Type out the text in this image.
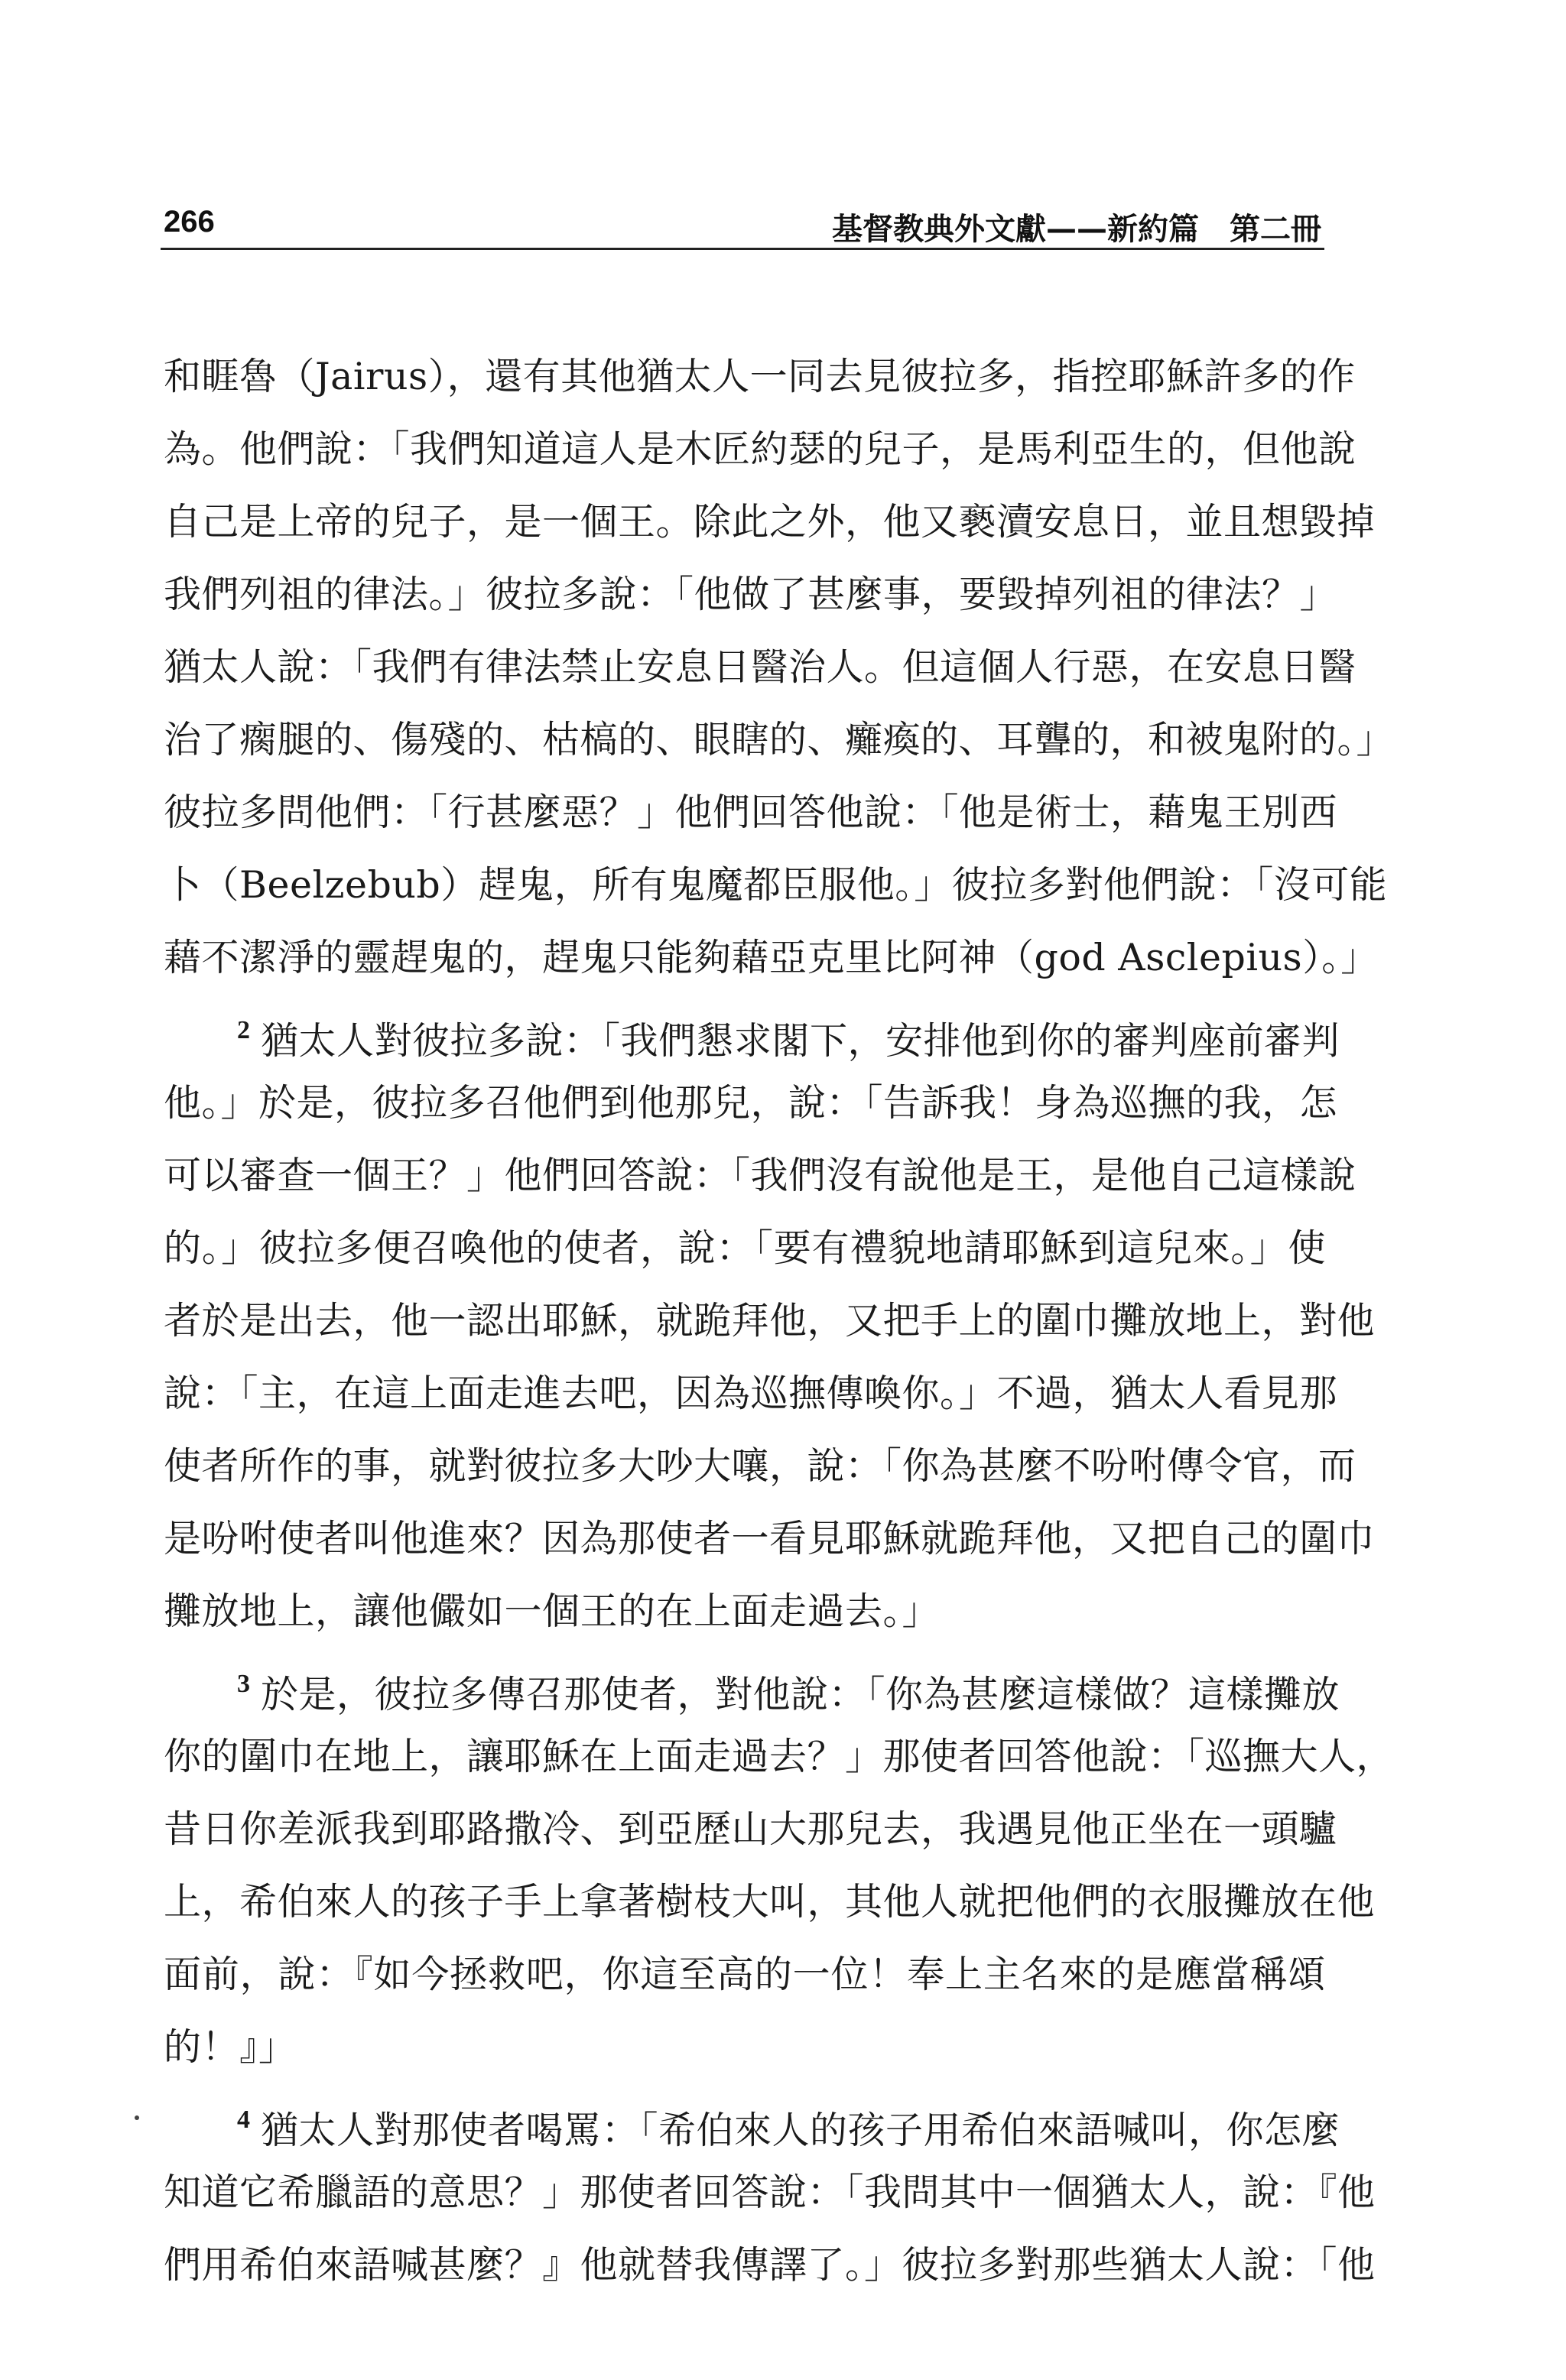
266	基督教典外文獻——新約篇　第二冊
和睚魯（Jairus），還有其他猶太人一同去見彼拉多，指控耶穌許多的作
為。他們說：「我們知道這人是木匠約瑟的兒子，是馬利亞生的，但他說
自己是上帝的兒子，是一個王。除此之外，他又褻瀆安息日，並且想毀掉
我們列祖的律法。」彼拉多說：「他做了甚麼事，要毀掉列祖的律法？」
猶太人說：「我們有律法禁止安息日醫治人。但這個人行惡，在安息日醫
治了瘸腿的、傷殘的、枯槁的、眼瞎的、癱瘓的、耳聾的，和被鬼附的。」
彼拉多問他們：「行甚麼惡？」他們回答他說：「他是術士，藉鬼王別西
卜（Beelzebub）趕鬼，所有鬼魔都臣服他。」彼拉多對他們說：「沒可能
藉不潔淨的靈趕鬼的，趕鬼只能夠藉亞克里比阿神（god Asclepius）。」
$^2$ 猶太人對彼拉多說：「我們懇求閣下，安排他到你的審判座前審判
他。」於是，彼拉多召他們到他那兒，說：「告訴我！身為巡撫的我，怎
可以審查一個王？」他們回答說：「我們沒有說他是王，是他自己這樣說
的。」彼拉多便召喚他的使者，說：「要有禮貌地請耶穌到這兒來。」使
者於是出去，他一認出耶穌，就跪拜他，又把手上的圍巾攤放地上，對他
說：「主，在這上面走進去吧，因為巡撫傳喚你。」不過，猶太人看見那
使者所作的事，就對彼拉多大吵大嚷，說：「你為甚麼不吩咐傳令官，而
是吩咐使者叫他進來？因為那使者一看見耶穌就跪拜他，又把自己的圍巾
攤放地上，讓他儼如一個王的在上面走過去。」
$^3$ 於是，彼拉多傳召那使者，對他說：「你為甚麼這樣做？這樣攤放
你的圍巾在地上，讓耶穌在上面走過去？」那使者回答他說：「巡撫大人，
昔日你差派我到耶路撒冷、到亞歷山大那兒去，我遇見他正坐在一頭驢
上，希伯來人的孩子手上拿著樹枝大叫，其他人就把他們的衣服攤放在他
面前，說：『如今拯救吧，你這至高的一位！奉上主名來的是應當稱頌
的！』」
$^4$ 猶太人對那使者喝罵：「希伯來人的孩子用希伯來語喊叫，你怎麼
知道它希臘語的意思？」那使者回答說：「我問其中一個猶太人，說：『他
們用希伯來語喊甚麼？』他就替我傳譯了。」彼拉多對那些猶太人說：「他
